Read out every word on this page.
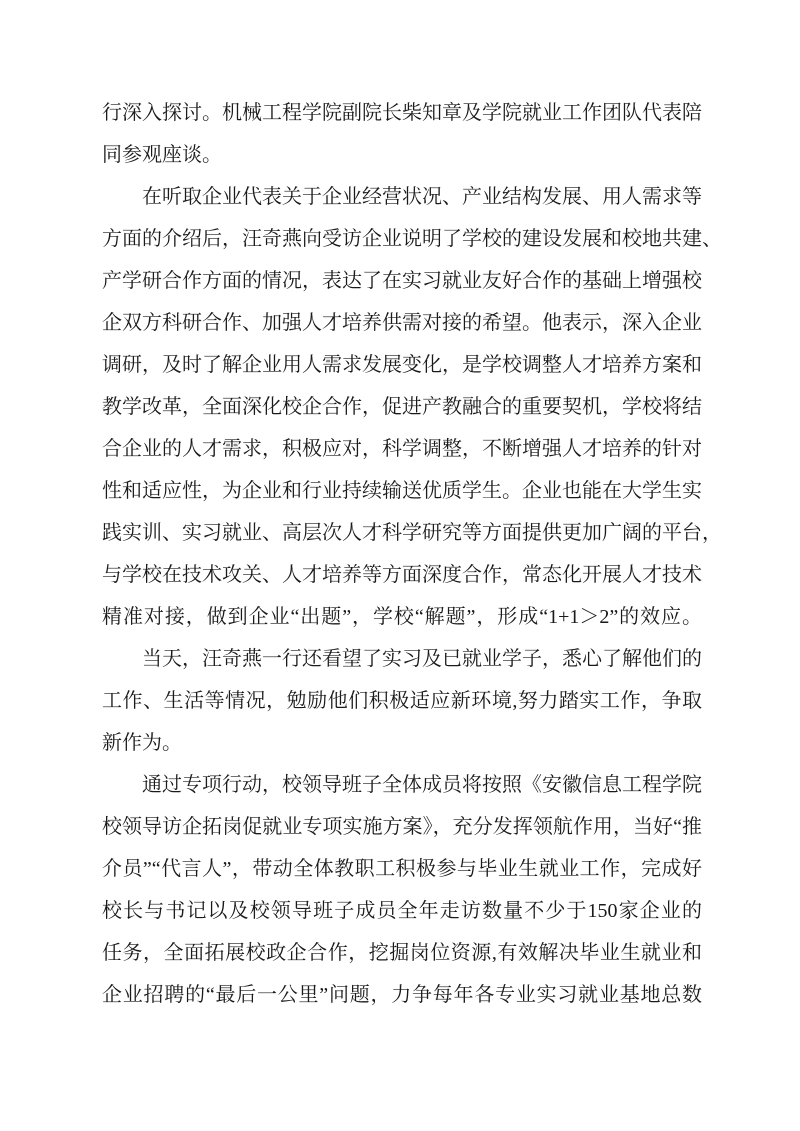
行深入探讨。机械工程学院副院长柴知章及学院就业工作团队代表陪
同参观座谈。
在听取企业代表关于企业经营状况、产业结构发展、用人需求等
方面的介绍后，汪奇燕向受访企业说明了学校的建设发展和校地共建、
产学研合作方面的情况，表达了在实习就业友好合作的基础上增强校
企双方科研合作、加强人才培养供需对接的希望。他表示，深入企业
调研，及时了解企业用人需求发展变化，是学校调整人才培养方案和
教学改革，全面深化校企合作，促进产教融合的重要契机，学校将结
合企业的人才需求，积极应对，科学调整，不断增强人才培养的针对
性和适应性，为企业和行业持续输送优质学生。企业也能在大学生实
践实训、实习就业、高层次人才科学研究等方面提供更加广阔的平台，
与学校在技术攻关、人才培养等方面深度合作，常态化开展人才技术
精准对接，做到企业“出题”，学校“解题”，形成“1+1＞2”的效应。
当天，汪奇燕一行还看望了实习及已就业学子，悉心了解他们的
工作、生活等情况，勉励他们积极适应新环境,努力踏实工作，争取
新作为。
通过专项行动，校领导班子全体成员将按照《安徽信息工程学院
校领导访企拓岗促就业专项实施方案》，充分发挥领航作用，当好“推
介员”“代言人”，带动全体教职工积极参与毕业生就业工作，完成好
校长与书记以及校领导班子成员全年走访数量不少于150家企业的
任务，全面拓展校政企合作，挖掘岗位资源,有效解决毕业生就业和
企业招聘的“最后一公里”问题，力争每年各专业实习就业基地总数
